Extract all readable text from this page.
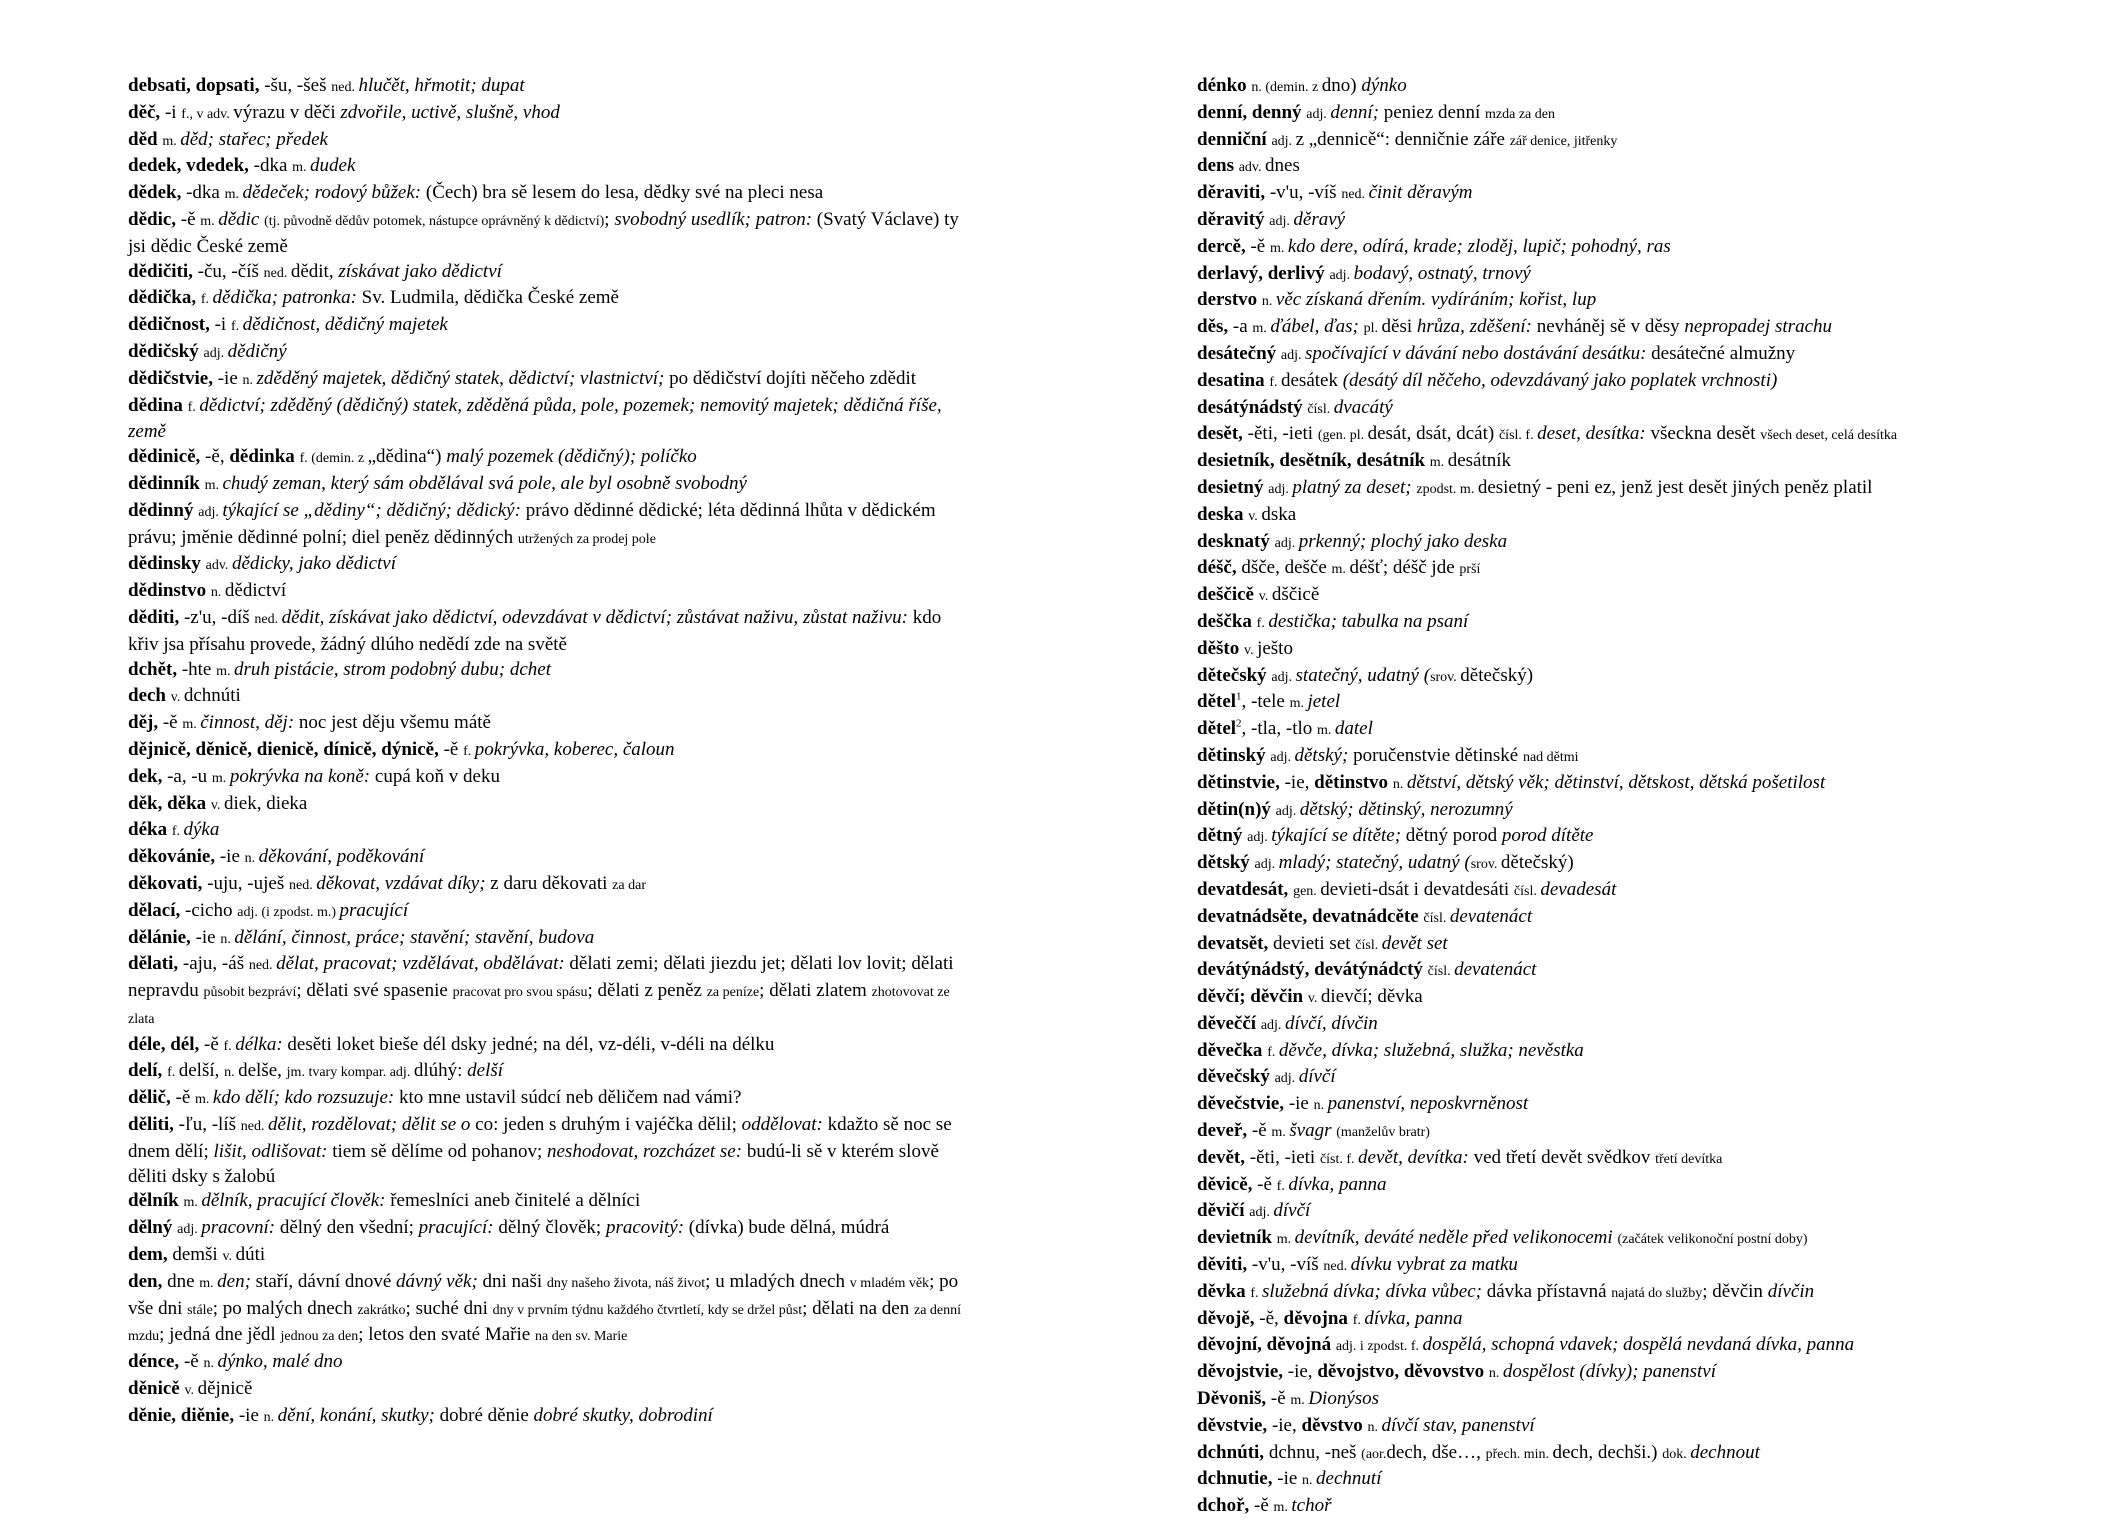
debsati, dopsati, -šu, -šeš ned. hlučět, hřmotit; dupat
děč, -i f., v adv. výrazu v děči zdvořile, uctivě, slušně, vhod
děd m. děd; stařec; předek
dedek, vdedek, -dka m. dudek
dědek, -dka m. dědeček; rodový bůžek: (Čech) bra sě lesem do lesa, dědky své na pleci nesa
dědic, -ě m. dědic (tj. původně dědův potomek, nástupce oprávněný k dědictví); svobodný usedlík; patron: (Svatý Václave) ty jsi dědic České země
dědičiti, -ču, -číš ned. dědit, získávat jako dědictví
dědička, f. dědička; patronka: Sv. Ludmila, dědička České země
dědičnost, -i f. dědičnost, dědičný majetek
dědičský adj. dědičný
dědičstvie, -ie n. zděděný majetek, dědičný statek, dědictví; vlastnictví; po dědičství dojíti něčeho zdědit
dědina f. dědictví; zděděný (dědičný) statek, zděděná půda, pole, pozemek; nemovitý majetek; dědičná říše, země
dědinicě, -ě, dědinka f. (demin. z „dědina“) malý pozemek (dědičný); políčko
dědinník m. chudý zeman, který sám obdělával svá pole, ale byl osobně svobodný
dědinný adj. týkající se „dědiny“; dědičný; dědický: právo dědinné dědické; léta dědinná lhůta v dědickém právu; jměnie dědinné polní; diel peněz dědinných utržených za prodej pole
dědinsky adv. dědicky, jako dědictví
dědinstvo n. dědictví
děditi, -z'u, -díš ned. dědit, získávat jako dědictví, odevzdávat v dědictví; zůstávat naživu, zůstat naživu: kdo křiv jsa přísahu provede, žádný dlúho nedědí zde na světě
dchět, -hte m. druh pistácie, strom podobný dubu; dchet
dech v. dchnúti
děj, -ě m. činnost, děj: noc jest děju všemu mátě
dějnicě, děnicě, dienicě, dínicě, dýnicě, -ě f. pokrývka, koberec, čaloun
dek, -a, -u m. pokrývka na koně: cupá koň v deku
děk, děka v. diek, dieka
déka f. dýka
děkovánie, -ie n. děkování, poděkování
děkovati, -uju, -uješ ned. děkovat, vzdávat díky; z daru děkovati za dar
dělací, -cicho adj. (i zpodst. m.) pracující
dělánie, -ie n. dělání, činnost, práce; stavění; stavění, budova
dělati, -aju, -áš ned. dělat, pracovat; vzdělávat, obdělávat: dělati zemi; dělati jiezdu jet; dělati lov lovit; dělati nepravdu působit bezpráví; dělati své spasenie pracovat pro svou spásu; dělati z peněz za peníze; dělati zlatem zhotovovat ze zlata
déle, dél, -ě f. délka: desěti loket bieše dél dsky jedné; na dél, vz-déli, v-déli na délku
delí, f. delší, n. delše, jm. tvary kompar. adj. dlúhý: delší
dělič, -ě m. kdo dělí; kdo rozsuzuje: kto mne ustavil súdcí neb děličem nad vámi?
děliti, -ľu, -líš ned. dělit, rozdělovat; dělit se o co: jeden s druhým i vajéčka dělil; oddělovat: kdažto sě noc se dnem dělí; lišit, odlišovat: tiem sě dělíme od pohanov; neshodovat, rozcházet se: budú-li sě v kterém slově děliti dsky s žalobú
dělník m. dělník, pracující člověk: řemeslníci aneb činitelé a dělníci
dělný adj. pracovní: dělný den všední; pracující: dělný člověk; pracovitý: (dívka) bude dělná, múdrá
dem, demši v. dúti
den, dne m. den; staří, dávní dnové dávný věk; dni naši dny našeho života, náš život; u mladých dnech v mladém věk; po vše dni stále; po malých dnech zakrátko; suché dni dny v prvním týdnu každého čtvrtletí, kdy se držel půst; dělati na den za denní mzdu; jedná dne jědl jednou za den; letos den svaté Mařie na den sv. Marie
dénce, -ě n. dýnko, malé dno
děnicě v. dějnicě
děnie, diěnie, -ie n. dění, konání, skutky; dobré děnie dobré skutky, dobrodiní
dénko n. (demin. z dno) dýnko
denní, denný adj. denní; peniez denní mzda za den
denniční adj. z „dennicě“: denničnie záře zář denice, jitřenky
dens adv. dnes
děraviti, -v'u, -víš ned. činit děravým
děravitý adj. děravý
dercě, -ě m. kdo dere, odírá, krade; zloděj, lupič; pohodný, ras
derlavý, derlivý adj. bodavý, ostnatý, trnový
derstvo n. věc získaná dřením. vydíráním; kořist, lup
děs, -a m. ďábel, ďas; pl. děsi hrůza, zděšení: nevháněj sě v děsy nepropadej strachu
desátečný adj. spočívající v dávání nebo dostávání desátku: desátečné almužny
desatina f. desátek (desátý díl něčeho, odevzdávaný jako poplatek vrchnosti)
desátýnádstý čísl. dvacátý
desět, -ěti, -ieti (gen. pl. desát, dsát, dcát) čísl. f. deset, desítka: všeckna desět všech deset, celá desítka
desietník, desětník, desátník m. desátník
desietný adj. platný za deset; zpodst. m. desietný - peni ez, jenž jest desět jiných peněz platil
deska v. dska
desknatý adj. prkenný; plochý jako deska
déšč, dšče, dešče m. déšť; déšč jde prší
deščicě v. dščicě
deščka f. destička; tabulka na psaní
děšto v. ješto
dětečský adj. statečný, udatný (srov. dětečský)
dětel$^1$, -tele m. jetel
dětel$^2$, -tla, -tlo m. datel
dětinský adj. dětský; poručenstvie dětinské nad dětmi
dětinstvie, -ie, dětinstvo n. dětství, dětský věk; dětinství, dětskost, dětská pošetilost
dětin(n)ý adj. dětský; dětinský, nerozumný
dětný adj. týkající se dítěte; dětný porod porod dítěte
dětský adj. mladý; statečný, udatný (srov. dětečský)
devatdesát, gen. devieti-dsát i devatdesáti čísl. devadesát
devatnádsěte, devatnádcěte čísl. devatenáct
devatsět, devieti set čísl. devět set
devátýnádstý, devátýnádctý čísl. devatenáct
děvčí; děvčin v. dievčí; děvka
děveččí adj. dívčí, dívčin
děvečka f. děvče, dívka; služebná, služka; nevěstka
děvečský adj. dívčí
děvečstvie, -ie n. panenství, neposkvrněnost
deveř, -ě m. švagr (manželův bratr)
devět, -ěti, -ieti číst. f. devět, devítka: ved třetí devět svědkov třetí devítka
děvicě, -ě f. dívka, panna
děvičí adj. dívčí
devietník m. devítník, deváté neděle před velikonocemi (začátek velikonoční postní doby)
děviti, -v'u, -víš ned. dívku vybrat za matku
děvka f. služebná dívka; dívka vůbec; dávka přístavná najatá do služby; děvčin dívčin
děvojě, -ě, děvojna f. dívka, panna
děvojní, děvojná adj. i zpodst. f. dospělá, schopná vdavek; dospělá nevdaná dívka, panna
děvojstvie, -ie, děvojstvo, děvovstvo n. dospělost (dívky); panenství
Děvoniš, -ě m. Dionýsos
děvstvie, -ie, děvstvo n. dívčí stav, panenství
dchnúti, dchnu, -neš (aor.dech, dše…, přech. min. dech, dechši.) dok. dechnout
dchnutie, -ie n. dechnutí
dchoř, -ě m. tchoř
